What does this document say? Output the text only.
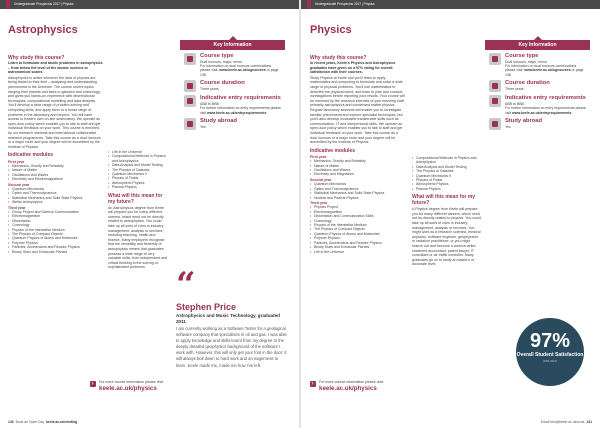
Undergraduate Prospectus 2017 | Physics	Undergraduate Prospectus 2017 | Physics
Astrophysics
Why study this course?
Learn to formulate and tackle problems in astrophysics – from below the level of the atomic nucleus to astronomical scales.

Astrophysics is active wherever the laws of physics are being tested to their limit – analysing and understanding phenomena in the Universe. The course covers topics ranging from planets and stars to galaxies and cosmology, and gives you hands-on experience with observational techniques, computational modelling and data analysis. You'll develop a wide range of problem-solving and computing skills, and apply them to a broad range of problems in the laboratory and beyond. You will have access to Keele's own on-site observatory. We operate an open-door policy which enables you to talk to staff and get individual feedback on your work. This course is enriched by our research interests and international collaborative research programmes. Take this course as a dual honours or a major route and your degree will be accredited by the Institute of Physics.

Indicative modules
First year
• Mechanics, Gravity and Relativity
• Nature of Matter
• Oscillations and Waves
• Electricity and Electromagnetism
Second year
• Quantum Mechanics
• Optics and Thermodynamics
• Statistical Mechanics and Solid State Physics
• Stellar Astrophysics
Third year
• Group Project and Science Communication
• Electromagnetism
• Dissertation
• Cosmology
• Physics of the Interstellar Medium
• The Physics of Compact Objects
• Quantum Physics of Atoms and Molecules
• Polymer Physics
• Particles, Accelerators and Reactor Physics
• Binary Stars and Extrasolar Planets
• Life in the Universe
• Computational Methods in Physics and Astrophysics
• Data Analysis and Model Testing
• The Physics of Galaxies
• Quantum Mechanics II
• Physics of Fluids
• Atmospheric Physics
• Plasma Physics
What will this mean for my future?

An Astrophysics degree from Keele will prepare you for many different careers, which need not be directly related to astrophysics. You could take up all sorts of roles in industry, management, analysis or services, including teaching, health and finance. Many employers recognise that the versatility and flexibility of astrophysics means that graduates possess a wide range of very valuable skills, from independent and critical thinking to the solving of sophisticated problems.

Key Information
Course type
Dual honours, major, minor
For information on dual honours combinations please visit: www.keele.ac.uk/ugcourses or page 138
Course duration
Three years
Indicative entry requirements
ABB to BBB
For further information on entry requirements please visit www.keele.ac.uk/entryrequirements
Study abroad
Yes
“
Stephen Price
Astrophysics and Music Technology, graduated 2011
I am currently working as a Software Tester for a geological software company that specialises in oil and gas. I was able to apply knowledge and skills learnt from my degree to the deeply detailed geophysics background of the software I work with. However, this will only get your foot in the door; it will always boil down to hard work and an eagerness to learn. Keele made me, made me how I've left.
›
For more course information please visit:
keele.ac.uk/physics
Physics
Why study this course?
In recent years, Keele's Physics and Astrophysics graduates have given us a 97% rating for overall satisfaction with their courses.

Study Physics at Keele and you'll learn to apply mathematics and computing to formulate and solve a wide range of physical problems. You'll use mathematics to describe the physical world, and learn to plan and conduct investigations before reporting your results. Your course will be informed by the research interests of your teaching staff, primarily astrophysics and condensed matter physics. Regular laboratory sessions will enable you to investigate familiar phenomena and explore specialist techniques, but you'll also develop invaluable transferable skills such as communication, IT and interpersonal skills. We operate an open-door policy which enables you to talk to staff and get individual feedback on your work. Take this course as a dual honours or a major route and your degree will be accredited by the Institute of Physics.

Indicative modules
First year
• Mechanics, Gravity and Relativity
• Nature of Matter
• Oscillations and Waves
• Electricity and Magnetism
Second year
• Quantum Mechanics
• Optics and Thermodynamics
• Statistical Mechanics and Solid State Physics
• Nuclear and Particle Physics
Third year
• Physics Project
• Electromagnetism
• Dissertation and Communication Skills
• Cosmology
• Physics of the Interstellar Medium
• The Physics of Compact Objects
• Quantum Physics of Atoms and Molecules
• Polymer Physics
• Particles, Accelerators and Reactor Physics
• Binary Stars and Extrasolar Planets
• Life in the Universe
• Computational Methods in Physics and Astrophysics
• Data Analysis and Model Testing
• The Physics of Galaxies
• Quantum Mechanics II
• Physics of Fluids
• Atmospheric Physics
• Plasma Physics
What will this mean for my future?

A Physics degree from Keele will prepare you for many different careers, which need not be directly related to physics. You could take up all sorts of roles in industry, management, analysis or services. You might work as a research scientist, medical physicist, software engineer, geophysicist or radiation practitioner, or you might branch out and become a science writer, chartered accountant, patent lawyer, IT consultant or air traffic controller. Many graduates go on to study at master's or doctorate level.

Key Information
Course type
Dual honours, major, minor
For information on dual honours combinations please visit: www.keele.ac.uk/ugcourses or page 138
Course duration
Three years
Indicative entry requirements
ABB to BBB
For further information on entry requirements please visit www.keele.ac.uk/entryrequirements
Study abroad
Yes
97%
Overall Student Satisfaction
(NSS 2015)
›
For more course information please visit:
keele.ac.uk/physics
140 Book an Open Day keele.ac.uk/visiting	Email info@keele.ac.uk/ucas 141
